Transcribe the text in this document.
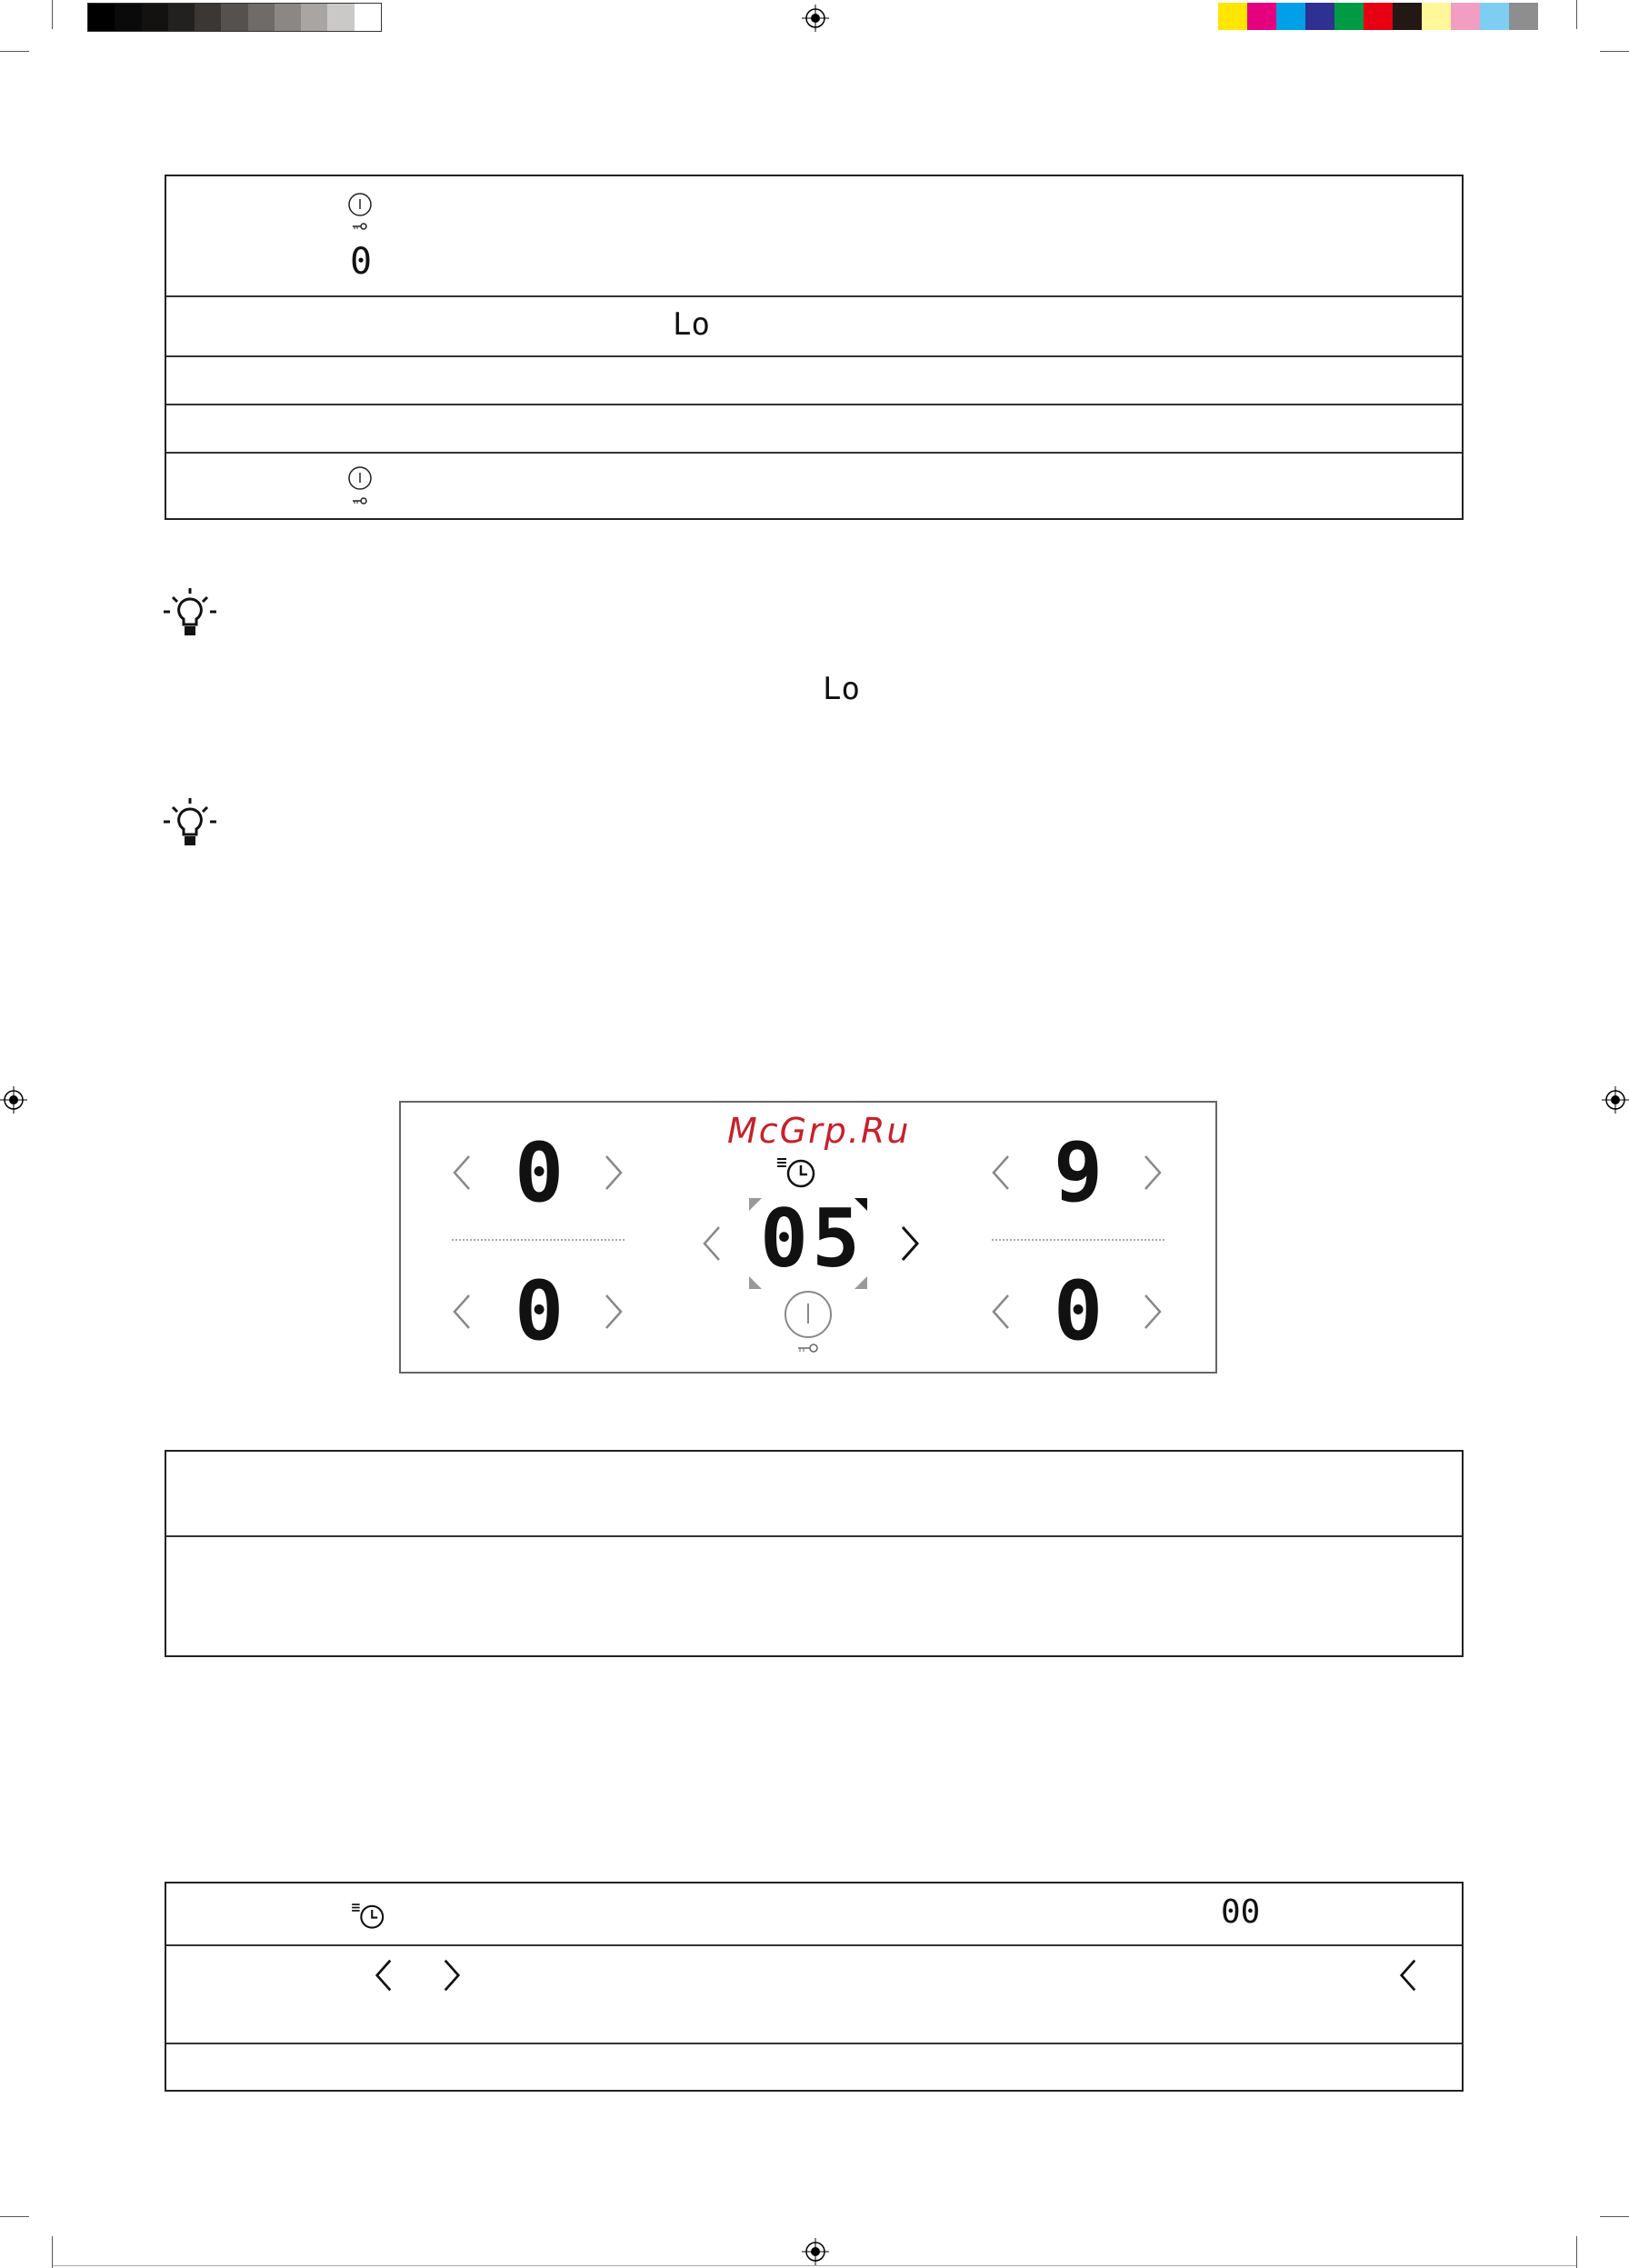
0
Lo
Lo
0
0
05
9
0
McGrp.Ru
00
